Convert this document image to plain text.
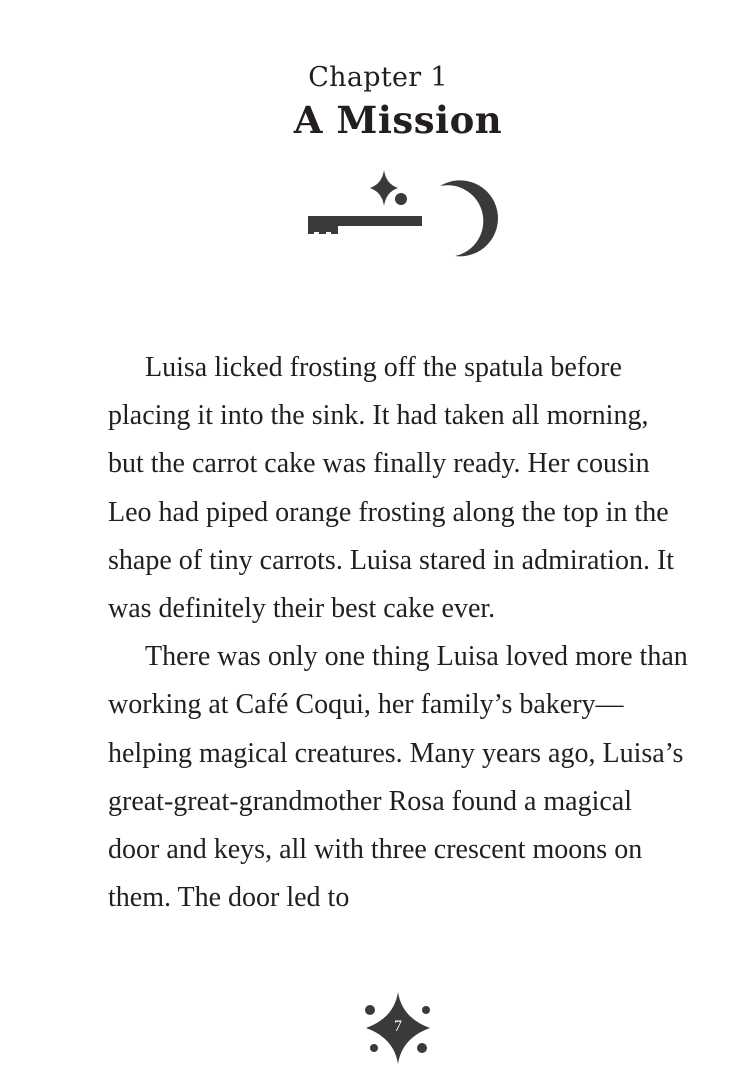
Chapter 1
A Mission

Luisa licked frosting off the spatula before placing it into the sink. It had taken all morning, but the carrot cake was finally ready. Her cousin Leo had piped orange frosting along the top in the shape of tiny carrots. Luisa stared in admiration. It was definitely their best cake ever.

There was only one thing Luisa loved more than working at Café Coqui, her family’s bakery—helping magical creatures. Many years ago, Luisa’s great-great-grandmother Rosa found a magical door and keys, all with three crescent moons on them. The door led to

7
